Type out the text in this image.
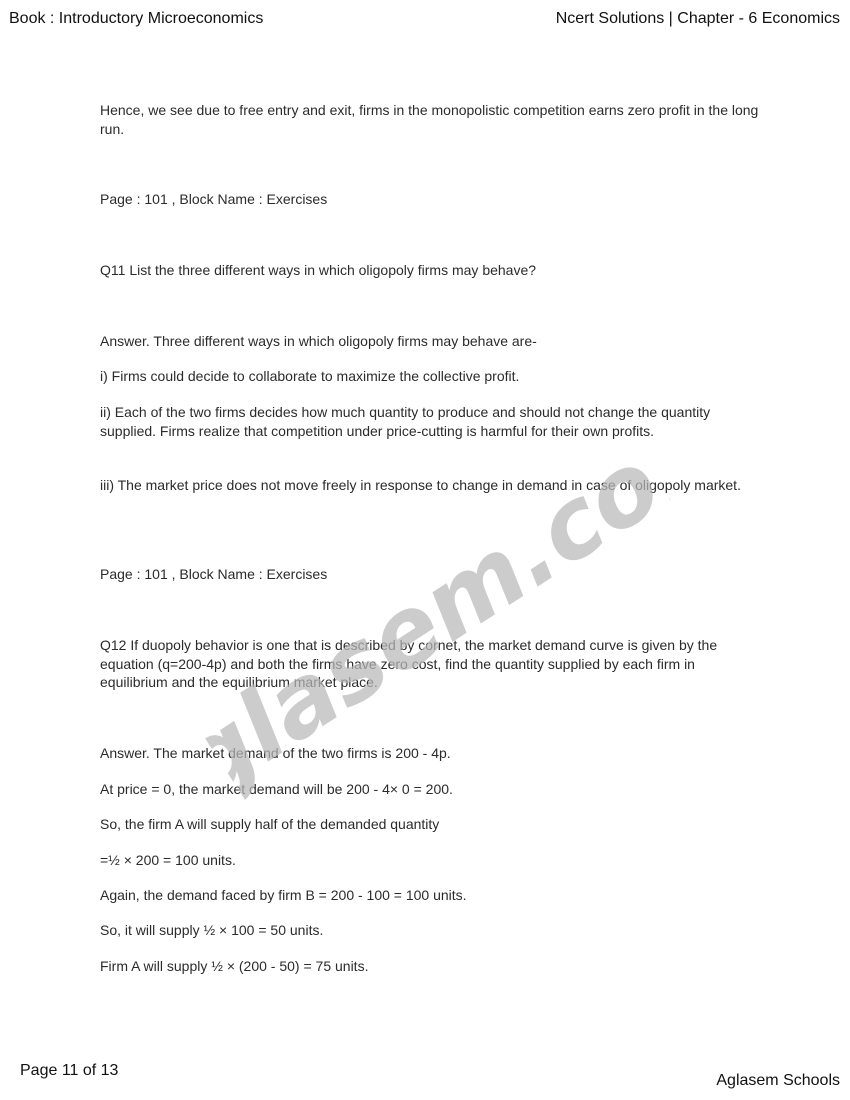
Book : Introductory Microeconomics	Ncert Solutions | Chapter - 6 Economics

Hence, we see due to free entry and exit, firms in the monopolistic competition earns zero profit in the long run.

Page : 101 , Block Name : Exercises

Q11 List the three different ways in which oligopoly firms may behave?

Answer. Three different ways in which oligopoly firms may behave are-

i) Firms could decide to collaborate to maximize the collective profit.

ii) Each of the two firms decides how much quantity to produce and should not change the quantity supplied. Firms realize that competition under price-cutting is harmful for their own profits.

iii) The market price does not move freely in response to change in demand in case of oligopoly market.

Page : 101 , Block Name : Exercises

Q12 If duopoly behavior is one that is described by cornet, the market demand curve is given by the equation (q=200-4p) and both the firms have zero cost, find the quantity supplied by each firm in equilibrium and the equilibrium market place.

Answer. The market demand of the two firms is 200 - 4p.

At price = 0, the market demand will be 200 - 4× 0 = 200.

So, the firm A will supply half of the demanded quantity

=½ × 200 = 100 units.

Again, the demand faced by firm B = 200 - 100 = 100 units.

So, it will supply ½ × 100 = 50 units.

Firm A will supply ½ × (200 - 50) = 75 units.

aglasem.com
Page 11 of 13
Aglasem Schools
